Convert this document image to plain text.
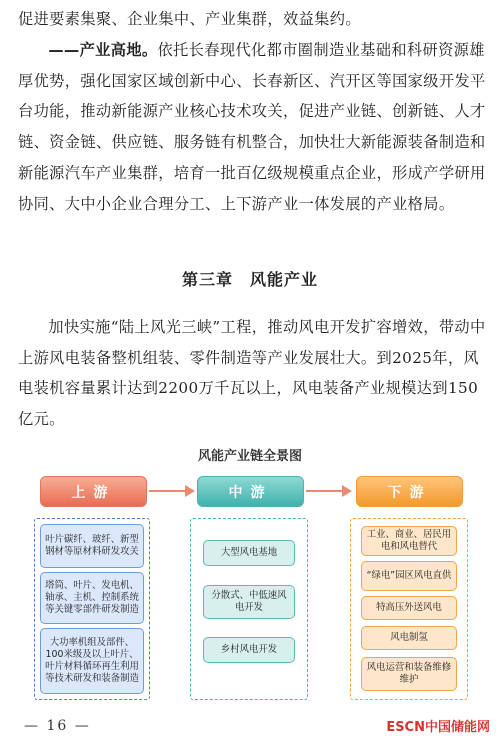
促进要素集聚、企业集中、产业集群，效益集约。

——产业高地。依托长春现代化都市圈制造业基础和科研资源雄厚优势，强化国家区域创新中心、长春新区、汽开区等国家级开发平台功能，推动新能源产业核心技术攻关，促进产业链、创新链、人才链、资金链、供应链、服务链有机整合，加快壮大新能源装备制造和新能源汽车产业集群，培育一批百亿级规模重点企业，形成产学研用协同、大中小企业合理分工、上下游产业一体发展的产业格局。

第三章　风能产业

加快实施“陆上风光三峡”工程，推动风电开发扩容增效，带动中上游风电装备整机组装、零件制造等产业发展壮大。到2025年，风电装机容量累计达到2200万千瓦以上，风电装备产业规模达到150亿元。

风能产业链全景图

上游	中游	下游
叶片碳纤、玻纤、新型钢材等原材料研发攻关
塔筒、叶片、发电机、轴承、主机、控制系统等关键零部件研发制造
大功率机组及部件、100米级及以上叶片、叶片材料循环再生利用等技术研发和装备制造
大型风电基地
分散式、中低速风电开发
乡村风电开发
工业、商业、居民用电和风电替代
“绿电”园区风电直供
特高压外送风电
风电制氢
风电运营和装备维修维护

— 16 —	ESCN中国储能网
